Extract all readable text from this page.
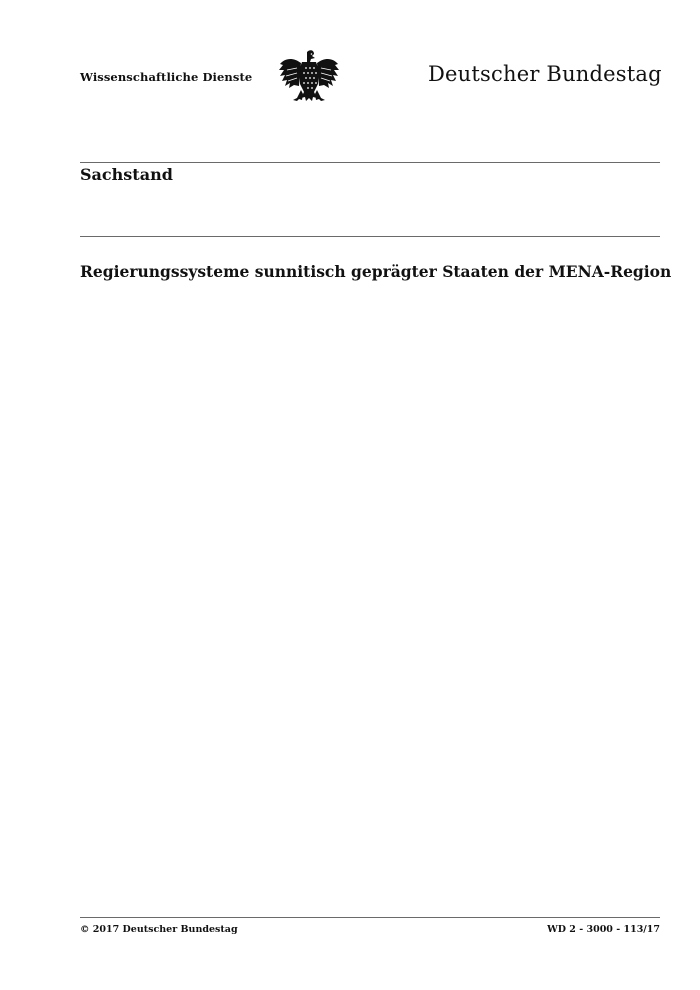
Wissenschaftliche Dienste	Deutscher Bundestag
Sachstand
Regierungssysteme sunnitisch geprägter Staaten der MENA-Region
© 2017 Deutscher Bundestag	WD 2 - 3000 - 113/17
